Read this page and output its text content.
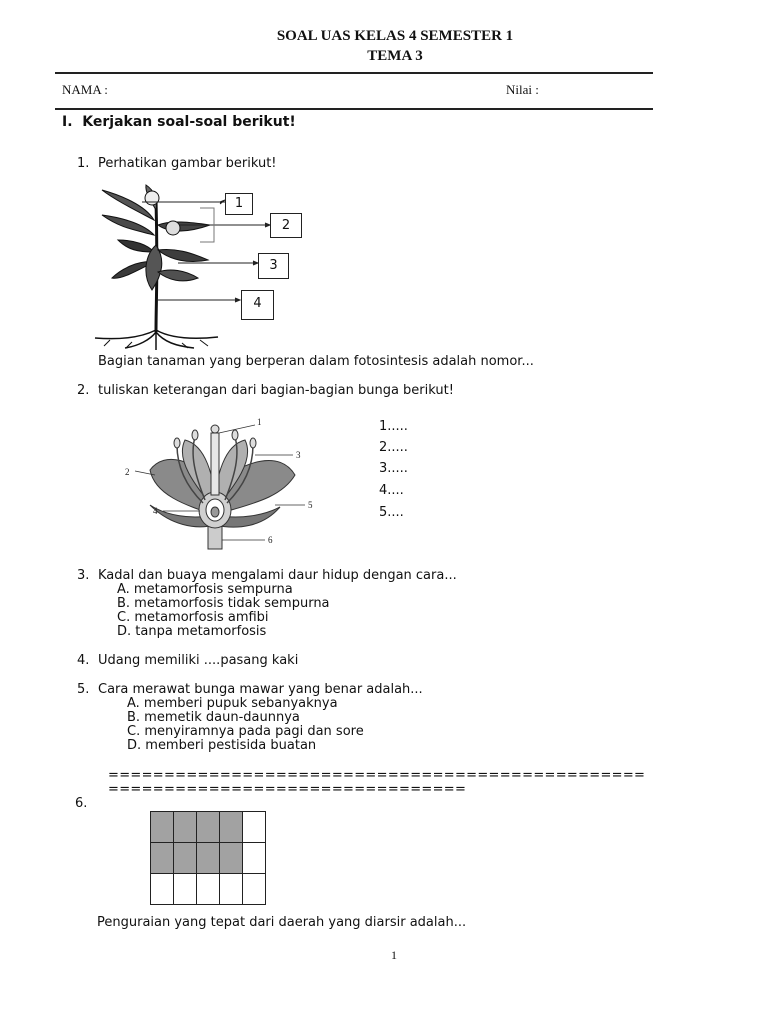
SOAL UAS KELAS 4 SEMESTER 1
TEMA 3
NAMA :	Nilai :
I.  Kerjakan soal-soal berikut!
1. Perhatikan gambar berikut!
1
2
3
4
Bagian tanaman yang berperan dalam fotosintesis adalah nomor...
2. tuliskan keterangan dari bagian-bagian bunga berikut!
1
2
3
4
5
6
1.....
2.....
3.....
4....
5....
3. Kadal dan buaya mengalami daur hidup dengan cara...
A. metamorfosis sempurna
B. metamorfosis tidak sempurna
C. metamorfosis amfibi
D. tanpa metamorfosis
4. Udang memiliki ....pasang kaki
5. Cara merawat bunga mawar yang benar adalah...
A. memberi pupuk sebanyaknya
B. memetik daun-daunnya
C. menyiramnya pada pagi dan sore
D. memberi pestisida buatan
================================================
================================
6.

Penguraian yang tepat dari daerah yang diarsir adalah...
1
